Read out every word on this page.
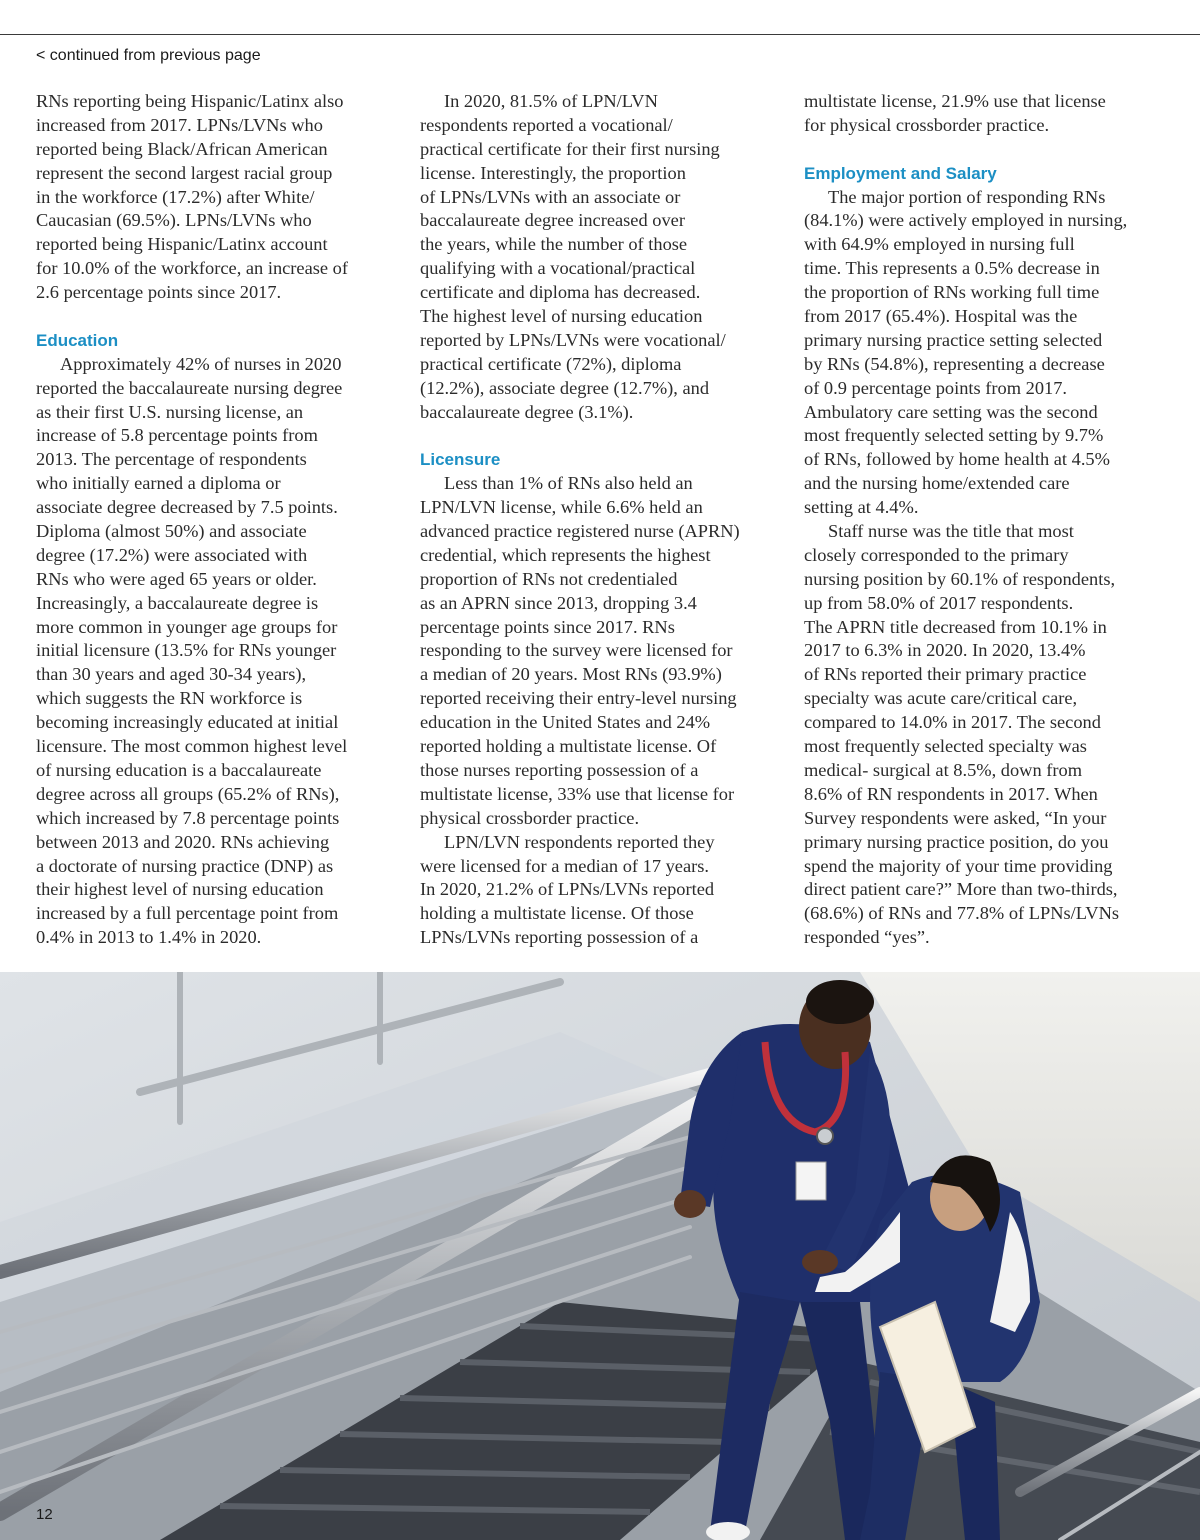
< continued from previous page
RNs reporting being Hispanic/Latinx also
increased from 2017. LPNs/LVNs who
reported being Black/African American
represent the second largest racial group
in the workforce (17.2%) after White/
Caucasian (69.5%). LPNs/LVNs who
reported being Hispanic/Latinx account
for 10.0% of the workforce, an increase of
2.6 percentage points since 2017.
Education
Approximately 42% of nurses in 2020
reported the baccalaureate nursing degree
as their first U.S. nursing license, an
increase of 5.8 percentage points from
2013. The percentage of respondents
who initially earned a diploma or
associate degree decreased by 7.5 points.
Diploma (almost 50%) and associate
degree (17.2%) were associated with
RNs who were aged 65 years or older.
Increasingly, a baccalaureate degree is
more common in younger age groups for
initial licensure (13.5% for RNs younger
than 30 years and aged 30-34 years),
which suggests the RN workforce is
becoming increasingly educated at initial
licensure. The most common highest level
of nursing education is a baccalaureate
degree across all groups (65.2% of RNs),
which increased by 7.8 percentage points
between 2013 and 2020. RNs achieving
a doctorate of nursing practice (DNP) as
their highest level of nursing education
increased by a full percentage point from
0.4% in 2013 to 1.4% in 2020.
In 2020, 81.5% of LPN/LVN
respondents reported a vocational/
practical certificate for their first nursing
license. Interestingly, the proportion
of LPNs/LVNs with an associate or
baccalaureate degree increased over
the years, while the number of those
qualifying with a vocational/practical
certificate and diploma has decreased.
The highest level of nursing education
reported by LPNs/LVNs were vocational/
practical certificate (72%), diploma
(12.2%), associate degree (12.7%), and
baccalaureate degree (3.1%).
Licensure
Less than 1% of RNs also held an
LPN/LVN license, while 6.6% held an
advanced practice registered nurse (APRN)
credential, which represents the highest
proportion of RNs not credentialed
as an APRN since 2013, dropping 3.4
percentage points since 2017. RNs
responding to the survey were licensed for
a median of 20 years. Most RNs (93.9%)
reported receiving their entry-level nursing
education in the United States and 24%
reported holding a multistate license. Of
those nurses reporting possession of a
multistate license, 33% use that license for
physical crossborder practice.
LPN/LVN respondents reported they
were licensed for a median of 17 years.
In 2020, 21.2% of LPNs/LVNs reported
holding a multistate license. Of those
LPNs/LVNs reporting possession of a
multistate license, 21.9% use that license
for physical crossborder practice.
Employment and Salary
The major portion of responding RNs
(84.1%) were actively employed in nursing,
with 64.9% employed in nursing full
time. This represents a 0.5% decrease in
the proportion of RNs working full time
from 2017 (65.4%). Hospital was the
primary nursing practice setting selected
by RNs (54.8%), representing a decrease
of 0.9 percentage points from 2017.
Ambulatory care setting was the second
most frequently selected setting by 9.7%
of RNs, followed by home health at 4.5%
and the nursing home/extended care
setting at 4.4%.
Staff nurse was the title that most
closely corresponded to the primary
nursing position by 60.1% of respondents,
up from 58.0% of 2017 respondents.
The APRN title decreased from 10.1% in
2017 to 6.3% in 2020. In 2020, 13.4%
of RNs reported their primary practice
specialty was acute care/critical care,
compared to 14.0% in 2017. The second
most frequently selected specialty was
medical- surgical at 8.5%, down from
8.6% of RN respondents in 2017. When
Survey respondents were asked, “In your
primary nursing practice position, do you
spend the majority of your time providing
direct patient care?” More than two-thirds,
(68.6%) of RNs and 77.8% of LPNs/LVNs
responded “yes”.
12
